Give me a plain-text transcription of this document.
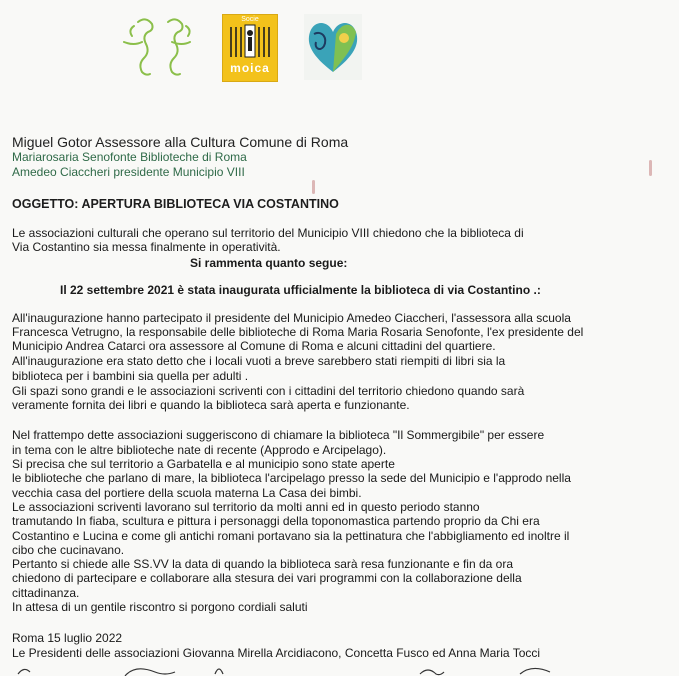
Socie
moica
Miguel Gotor Assessore alla Cultura Comune di Roma
Mariarosaria Senofonte Biblioteche di Roma
Amedeo Ciaccheri presidente Municipio VIII
OGGETTO: APERTURA BIBLIOTECA VIA COSTANTINO
Le associazioni culturali che operano sul territorio del Municipio VIII chiedono che la biblioteca di
Via Costantino sia messa finalmente in operatività.
Si rammenta quanto segue:
Il 22 settembre 2021 è stata inaugurata ufficialmente la biblioteca di via Costantino .:
All'inaugurazione hanno partecipato il presidente del Municipio Amedeo Ciaccheri, l'assessora alla scuola
Francesca Vetrugno, la responsabile delle biblioteche di Roma Maria Rosaria Senofonte, l'ex presidente del
Municipio Andrea Catarci ora assessore al Comune di Roma e alcuni cittadini del quartiere.
All'inaugurazione era stato detto che i locali vuoti a breve sarebbero stati riempiti di libri sia la
biblioteca per i bambini sia quella per adulti .
Gli spazi sono grandi e le associazioni scriventi con i cittadini del territorio chiedono quando sarà
veramente fornita dei libri e quando la biblioteca sarà aperta e funzionante.
Nel frattempo dette associazioni suggeriscono di chiamare la biblioteca "Il Sommergibile" per essere
in tema con le altre biblioteche nate di recente (Approdo e Arcipelago).
Si precisa che sul territorio a Garbatella e al municipio sono state aperte
le biblioteche che parlano di mare, la biblioteca l'arcipelago presso la sede del Municipio e l'approdo nella
vecchia casa del portiere della scuola materna La Casa dei bimbi.
Le associazioni scriventi lavorano sul territorio da molti anni ed in questo periodo stanno
tramutando In fiaba, scultura e pittura i personaggi della toponomastica partendo proprio da Chi era
Costantino e Lucina e come gli antichi romani portavano sia la pettinatura che l'abbigliamento ed inoltre il
cibo che cucinavano.
Pertanto si chiede alle SS.VV la data di quando la biblioteca sarà resa funzionante e fin da ora
chiedono di partecipare e collaborare alla stesura dei vari programmi con la collaborazione della
cittadinanza.
In attesa di un gentile riscontro si porgono cordiali saluti
Roma 15 luglio 2022
Le Presidenti delle associazioni Giovanna Mirella Arcidiacono, Concetta Fusco ed Anna Maria Tocci
